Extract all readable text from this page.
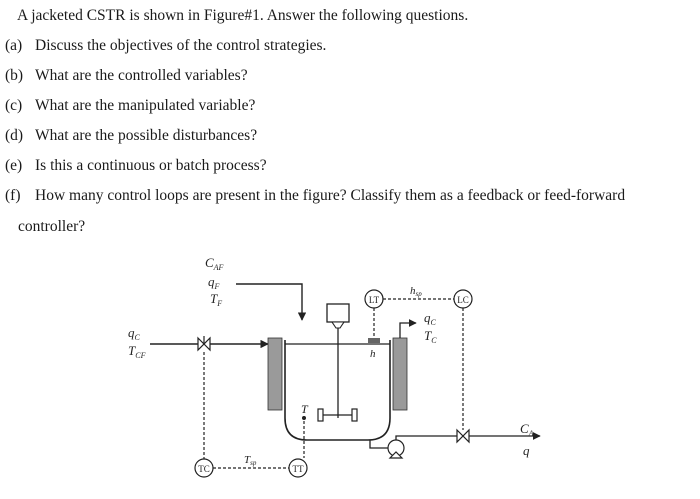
A jacketed CSTR is shown in Figure#1. Answer the following questions.
(a) Discuss the objectives of the control strategies.
(b) What are the controlled variables?
(c) What are the manipulated variable?
(d) What are the possible disturbances?
(e) Is this a continuous or batch process?
(f) How many control loops are present in the figure? Classify them as a feedback or feed-forward
controller?
$C_{AF}$
$q_F$
$T_F$
$q_C$
$T_{CF}$
T
LT
h
LC
hsp
$q_C$
$T_C$
$C_A$
q
TC	TT
Tsp
